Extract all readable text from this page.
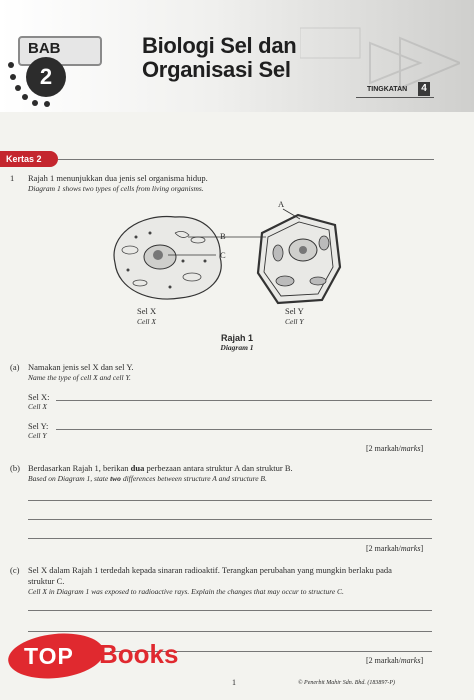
BAB
2
Biologi Sel dan
Organisasi Sel
TINGKATAN	4
Kertas 2
1 Rajah 1 menunjukkan dua jenis sel organisma hidup.
Diagram 1 shows two types of cells from living organisms.
A
B
C
Sel X
Cell X
Sel Y
Cell Y
Rajah 1
Diagram 1
(a) Namakan jenis sel X dan sel Y.
Name the type of cell X and cell Y.
Sel X:
Cell X
Sel Y:
Cell Y
[2 markah/marks]
(b) Berdasarkan Rajah 1, berikan dua perbezaan antara struktur A dan struktur B.
Based on Diagram 1, state two differences between structure A and structure B.
[2 markah/marks]
(c) Sel X dalam Rajah 1 terdedah kepada sinaran radioaktif. Terangkan perubahan yang mungkin berlaku pada
struktur C.
Cell X in Diagram 1 was exposed to radioactive rays. Explain the changes that may occur to structure C.
[2 markah/marks]
TOP Books
1	© Penerbit Mahir Sdn. Bhd. (183897-P)
